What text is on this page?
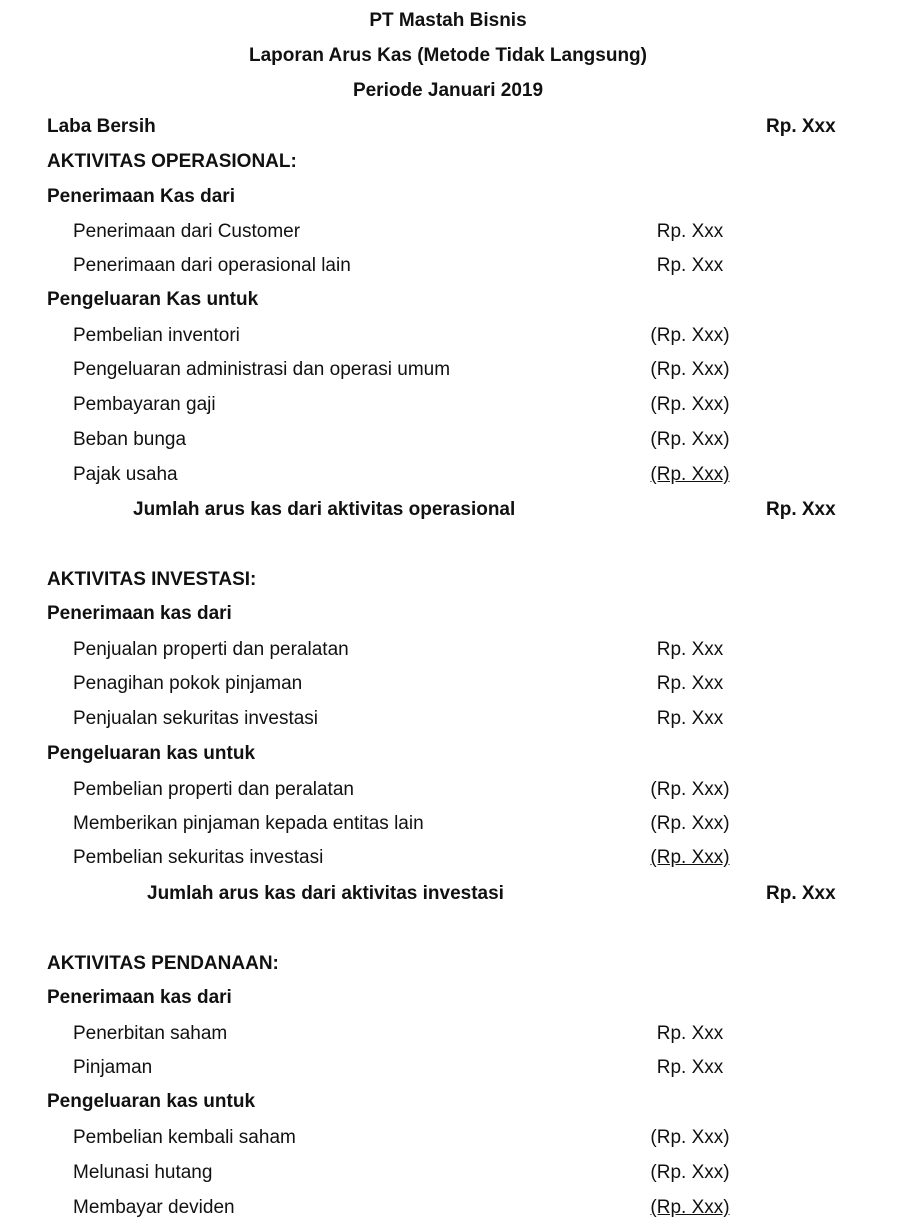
PT Mastah Bisnis
Laporan Arus Kas (Metode Tidak Langsung)
Periode Januari 2019
Laba Bersih	Rp. Xxx
AKTIVITAS OPERASIONAL:
Penerimaan Kas dari
Penerimaan dari Customer	Rp. Xxx
Penerimaan dari operasional lain	Rp. Xxx
Pengeluaran Kas untuk
Pembelian inventori	(Rp. Xxx)
Pengeluaran administrasi dan operasi umum	(Rp. Xxx)
Pembayaran gaji	(Rp. Xxx)
Beban bunga	(Rp. Xxx)
Pajak usaha	(Rp. Xxx)
Jumlah arus kas dari aktivitas operasional	Rp. Xxx
AKTIVITAS INVESTASI:
Penerimaan kas dari
Penjualan properti dan peralatan	Rp. Xxx
Penagihan pokok pinjaman	Rp. Xxx
Penjualan sekuritas investasi	Rp. Xxx
Pengeluaran kas untuk
Pembelian properti dan peralatan	(Rp. Xxx)
Memberikan pinjaman kepada entitas lain	(Rp. Xxx)
Pembelian sekuritas investasi	(Rp. Xxx)
Jumlah arus kas dari aktivitas investasi	Rp. Xxx
AKTIVITAS PENDANAAN:
Penerimaan kas dari
Penerbitan saham	Rp. Xxx
Pinjaman	Rp. Xxx
Pengeluaran kas untuk
Pembelian kembali saham	(Rp. Xxx)
Melunasi hutang	(Rp. Xxx)
Membayar deviden	(Rp. Xxx)
